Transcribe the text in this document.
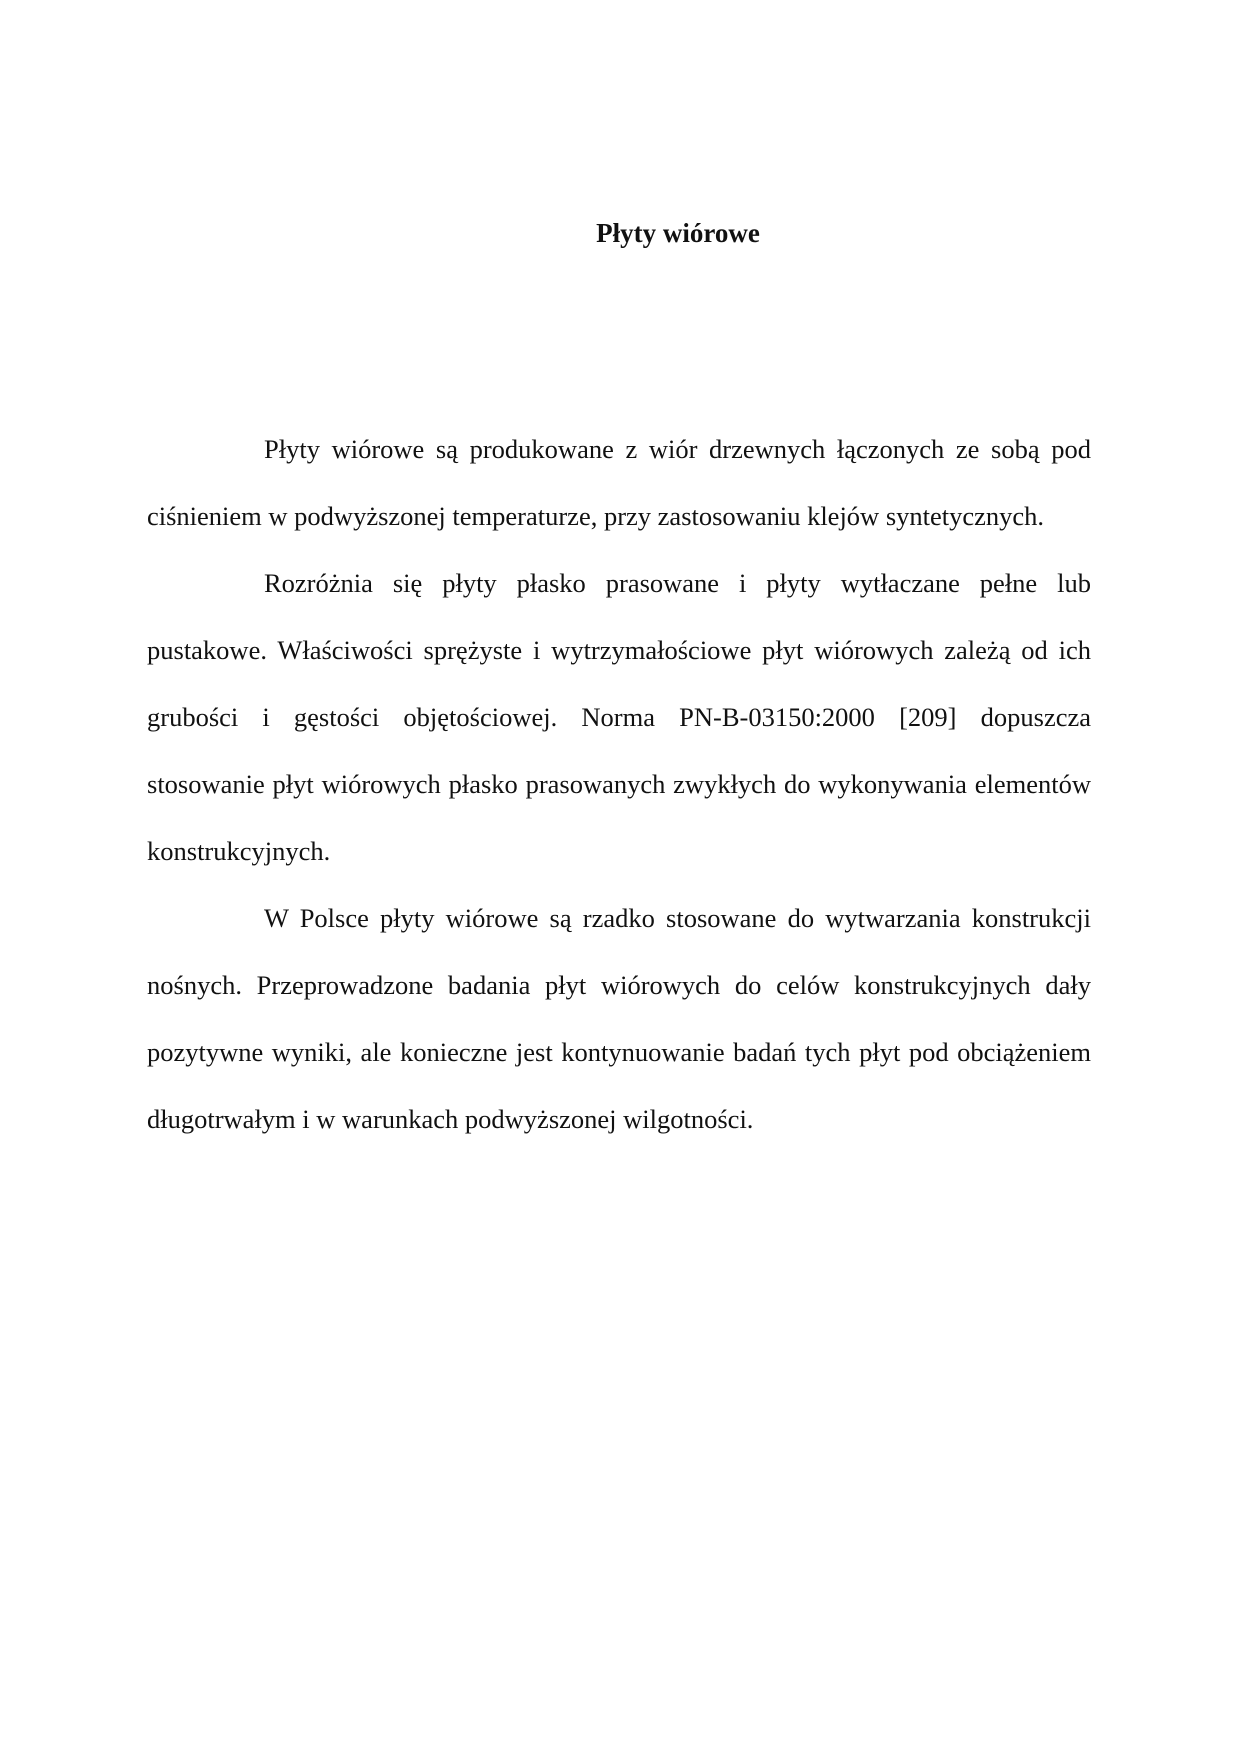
Płyty wiórowe

Płyty wiórowe są produkowane z wiór drzewnych łączonych ze sobą pod ciśnieniem w podwyższonej temperaturze, przy zastosowaniu klejów syntetycznych.

Rozróżnia się płyty płasko prasowane i płyty wytłaczane pełne lub pustakowe. Właściwości sprężyste i wytrzymałościowe płyt wiórowych zależą od ich grubości i gęstości objętościowej. Norma PN-B-03150:2000 [209] dopuszcza stosowanie płyt wiórowych płasko prasowanych zwykłych do wykonywania elementów konstrukcyjnych.

W Polsce płyty wiórowe są rzadko stosowane do wytwarzania konstrukcji nośnych. Przeprowadzone badania płyt wiórowych do celów konstrukcyjnych dały pozytywne wyniki, ale konieczne jest kontynuowanie badań tych płyt pod obciążeniem długotrwałym i w warunkach podwyższonej wilgotności.
